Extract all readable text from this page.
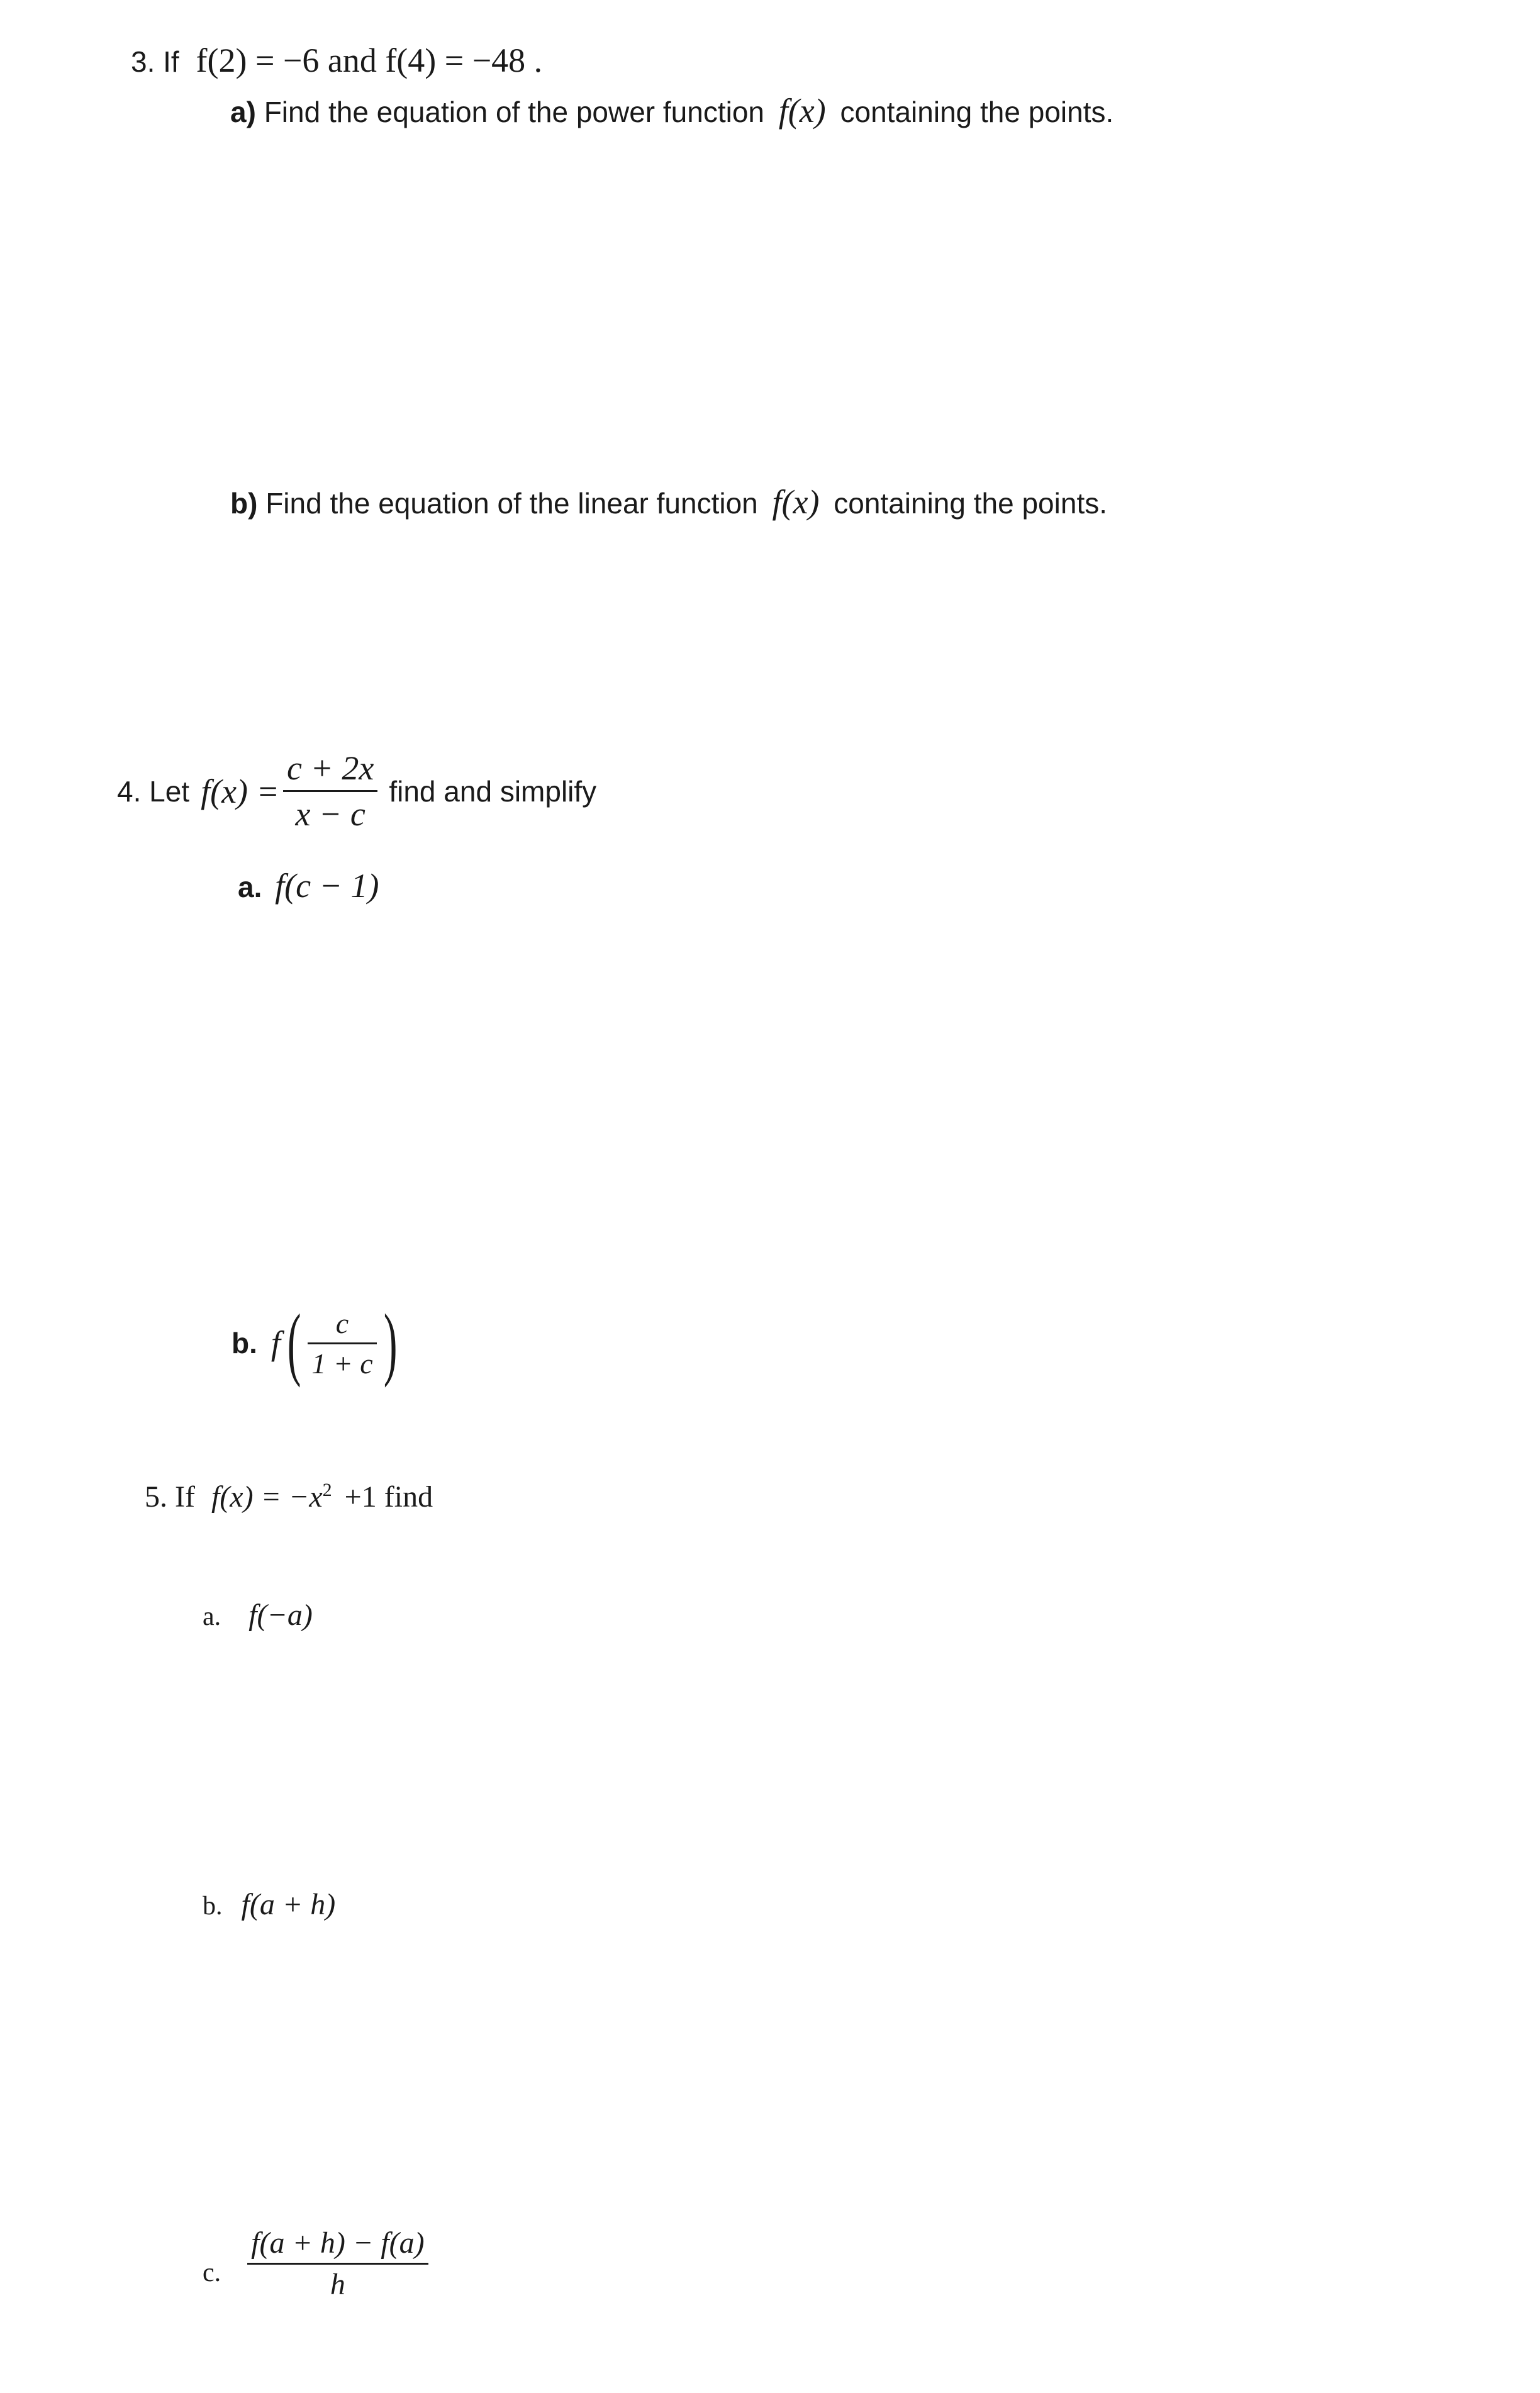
3. If f(2) = −6 and f(4) = −48 .
a) Find the equation of the power function f(x) containing the points.
b) Find the equation of the linear function f(x) containing the points.
4. Let $f(x) = \frac{c + 2x}{x - c}$ find and simplify
a. f(c − 1)
b. f ( $\frac{c}{1 + c}$ )
5. If $f(x) = -x^2 +1$ find
a. f(−a)
b. f(a + h)
c. $\frac{f(a + h) - f(a)}{h}$
